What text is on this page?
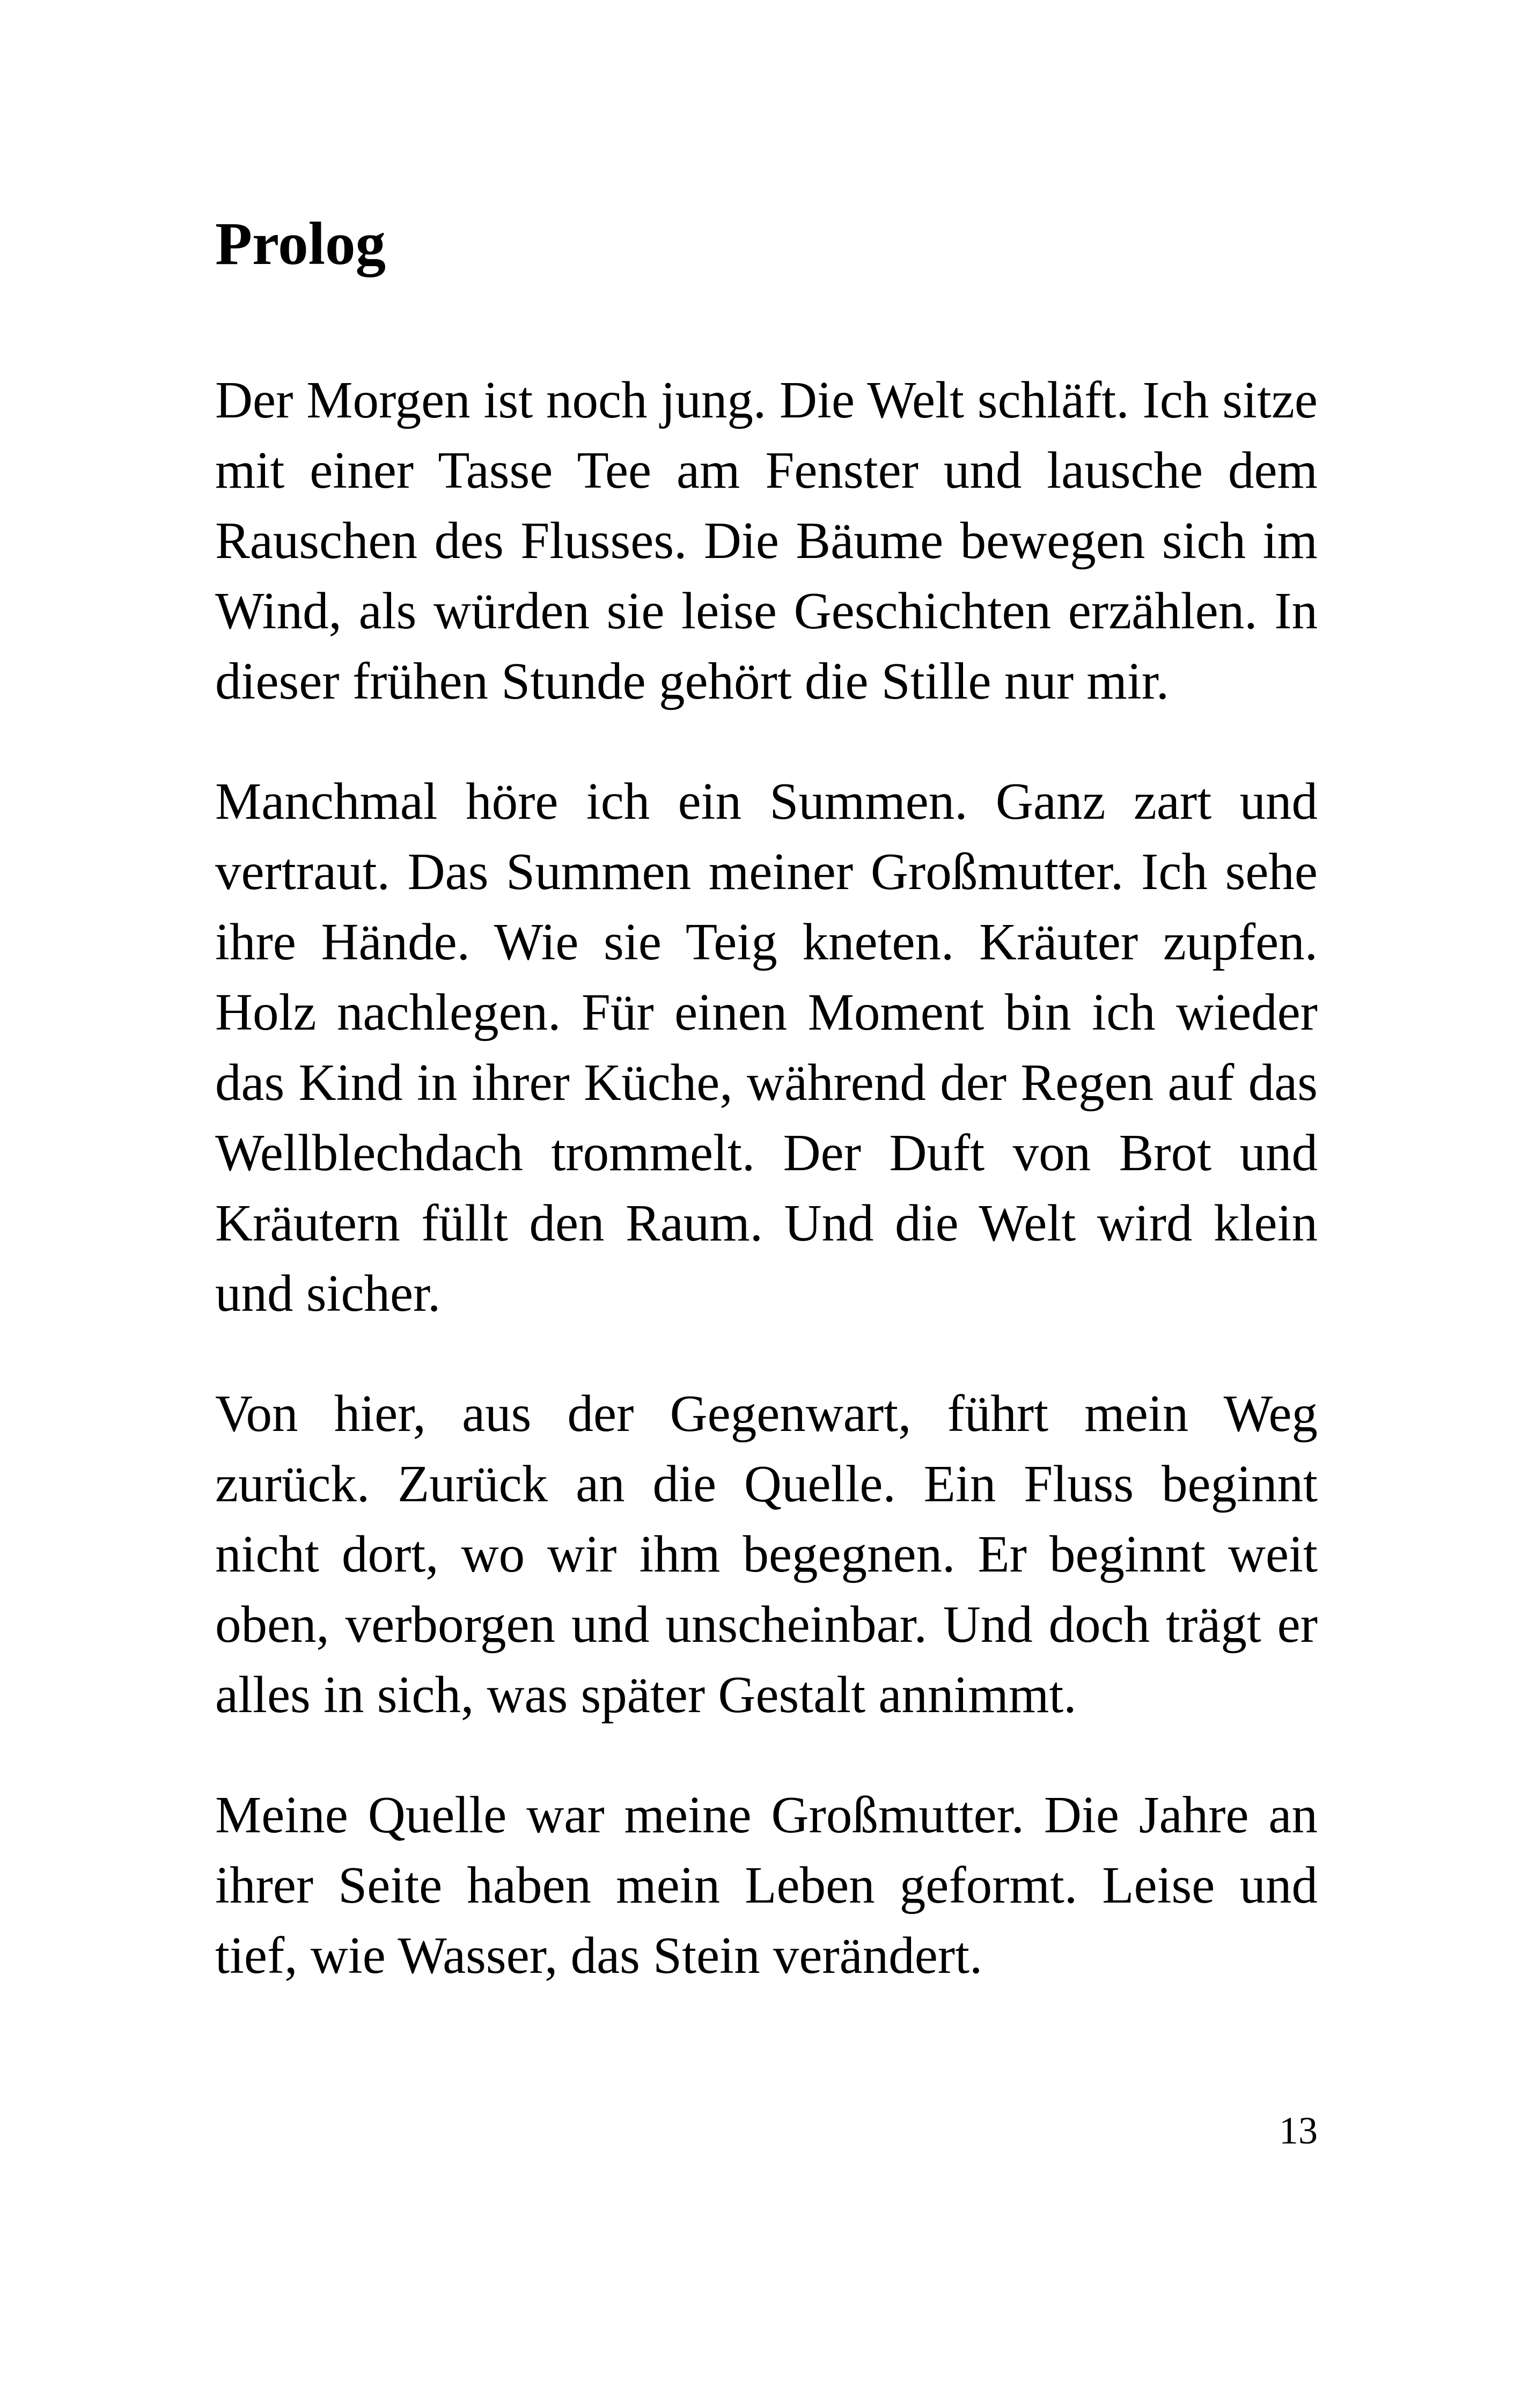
Prolog

Der Morgen ist noch jung. Die Welt schläft. Ich sitze mit einer Tasse Tee am Fenster und lausche dem Rauschen des Flusses. Die Bäume bewegen sich im Wind, als würden sie leise Geschichten erzählen. In dieser frühen Stunde gehört die Stille nur mir.

Manchmal höre ich ein Summen. Ganz zart und vertraut. Das Summen meiner Großmutter. Ich sehe ihre Hände. Wie sie Teig kneten. Kräuter zupfen. Holz nachlegen. Für einen Moment bin ich wieder das Kind in ihrer Küche, während der Regen auf das Wellblechdach trommelt. Der Duft von Brot und Kräutern füllt den Raum. Und die Welt wird klein und sicher.

Von hier, aus der Gegenwart, führt mein Weg zurück. Zurück an die Quelle. Ein Fluss beginnt nicht dort, wo wir ihm begegnen. Er beginnt weit oben, verborgen und unscheinbar. Und doch trägt er alles in sich, was später Gestalt annimmt.

Meine Quelle war meine Großmutter. Die Jahre an ihrer Seite haben mein Leben geformt. Leise und tief, wie Wasser, das Stein verändert.

13
